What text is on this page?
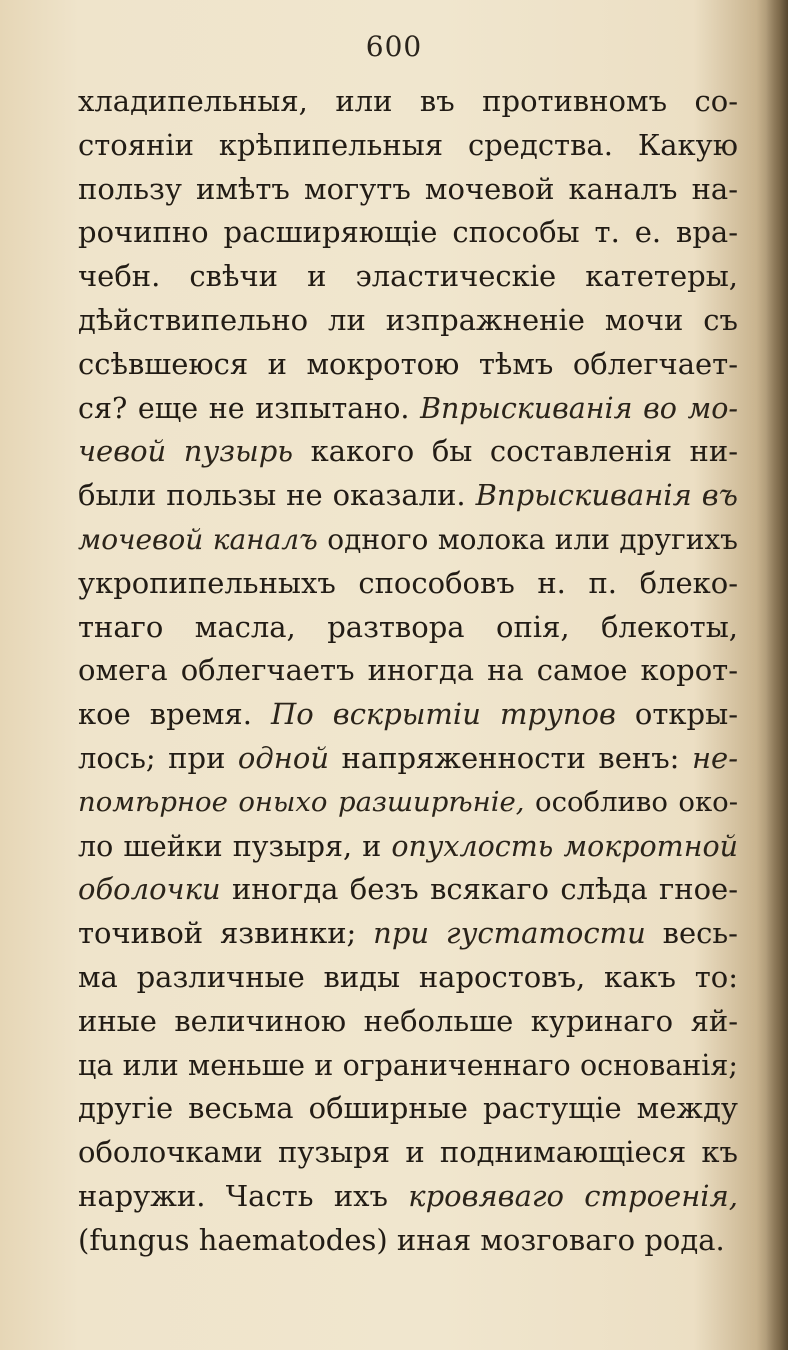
600
хладипельныя, или въ противномъ со-
стояніи крѣпипельныя средства. Какую
пользу имѣтъ могутъ мочевой каналъ на-
рочипно расширяющіе способы т. е. вра-
чебн. свѣчи и эластическіе катетеры,
дѣйствипельно ли изпражненіе мочи съ
ссѣвшеюся и мокротою тѣмъ облегчает-
ся? еще не изпытано. Впрыскиванія во мо-
чевой пузырь какого бы составленія ни-
были пользы не оказали. Впрыскиванія въ
мочевой каналъ одного молока или другихъ
укропипельныхъ способовъ н. п. блеко-
тнаго масла, разтвора опія, блекоты,
омега облегчаетъ иногда на самое корот-
кое время. По вскрытіи трупов откры-
лось; при одной напряженности венъ: не-
помѣрное оныхо разширѣніе, особливо око-
ло шейки пузыря, и опухлость мокротной
оболочки иногда безъ всякаго слѣда гное-
точивой язвинки; при густатости весь-
ма различные виды наростовъ, какъ то:
иные величиною небольше куринаго яй-
ца или меньше и ограниченнаго основанія;
другіе весьма обширные растущіе между
оболочками пузыря и поднимающіеся къ
наружи. Часть ихъ кровяваго строенія,
(fungus haematodes) иная мозговаго рода.
